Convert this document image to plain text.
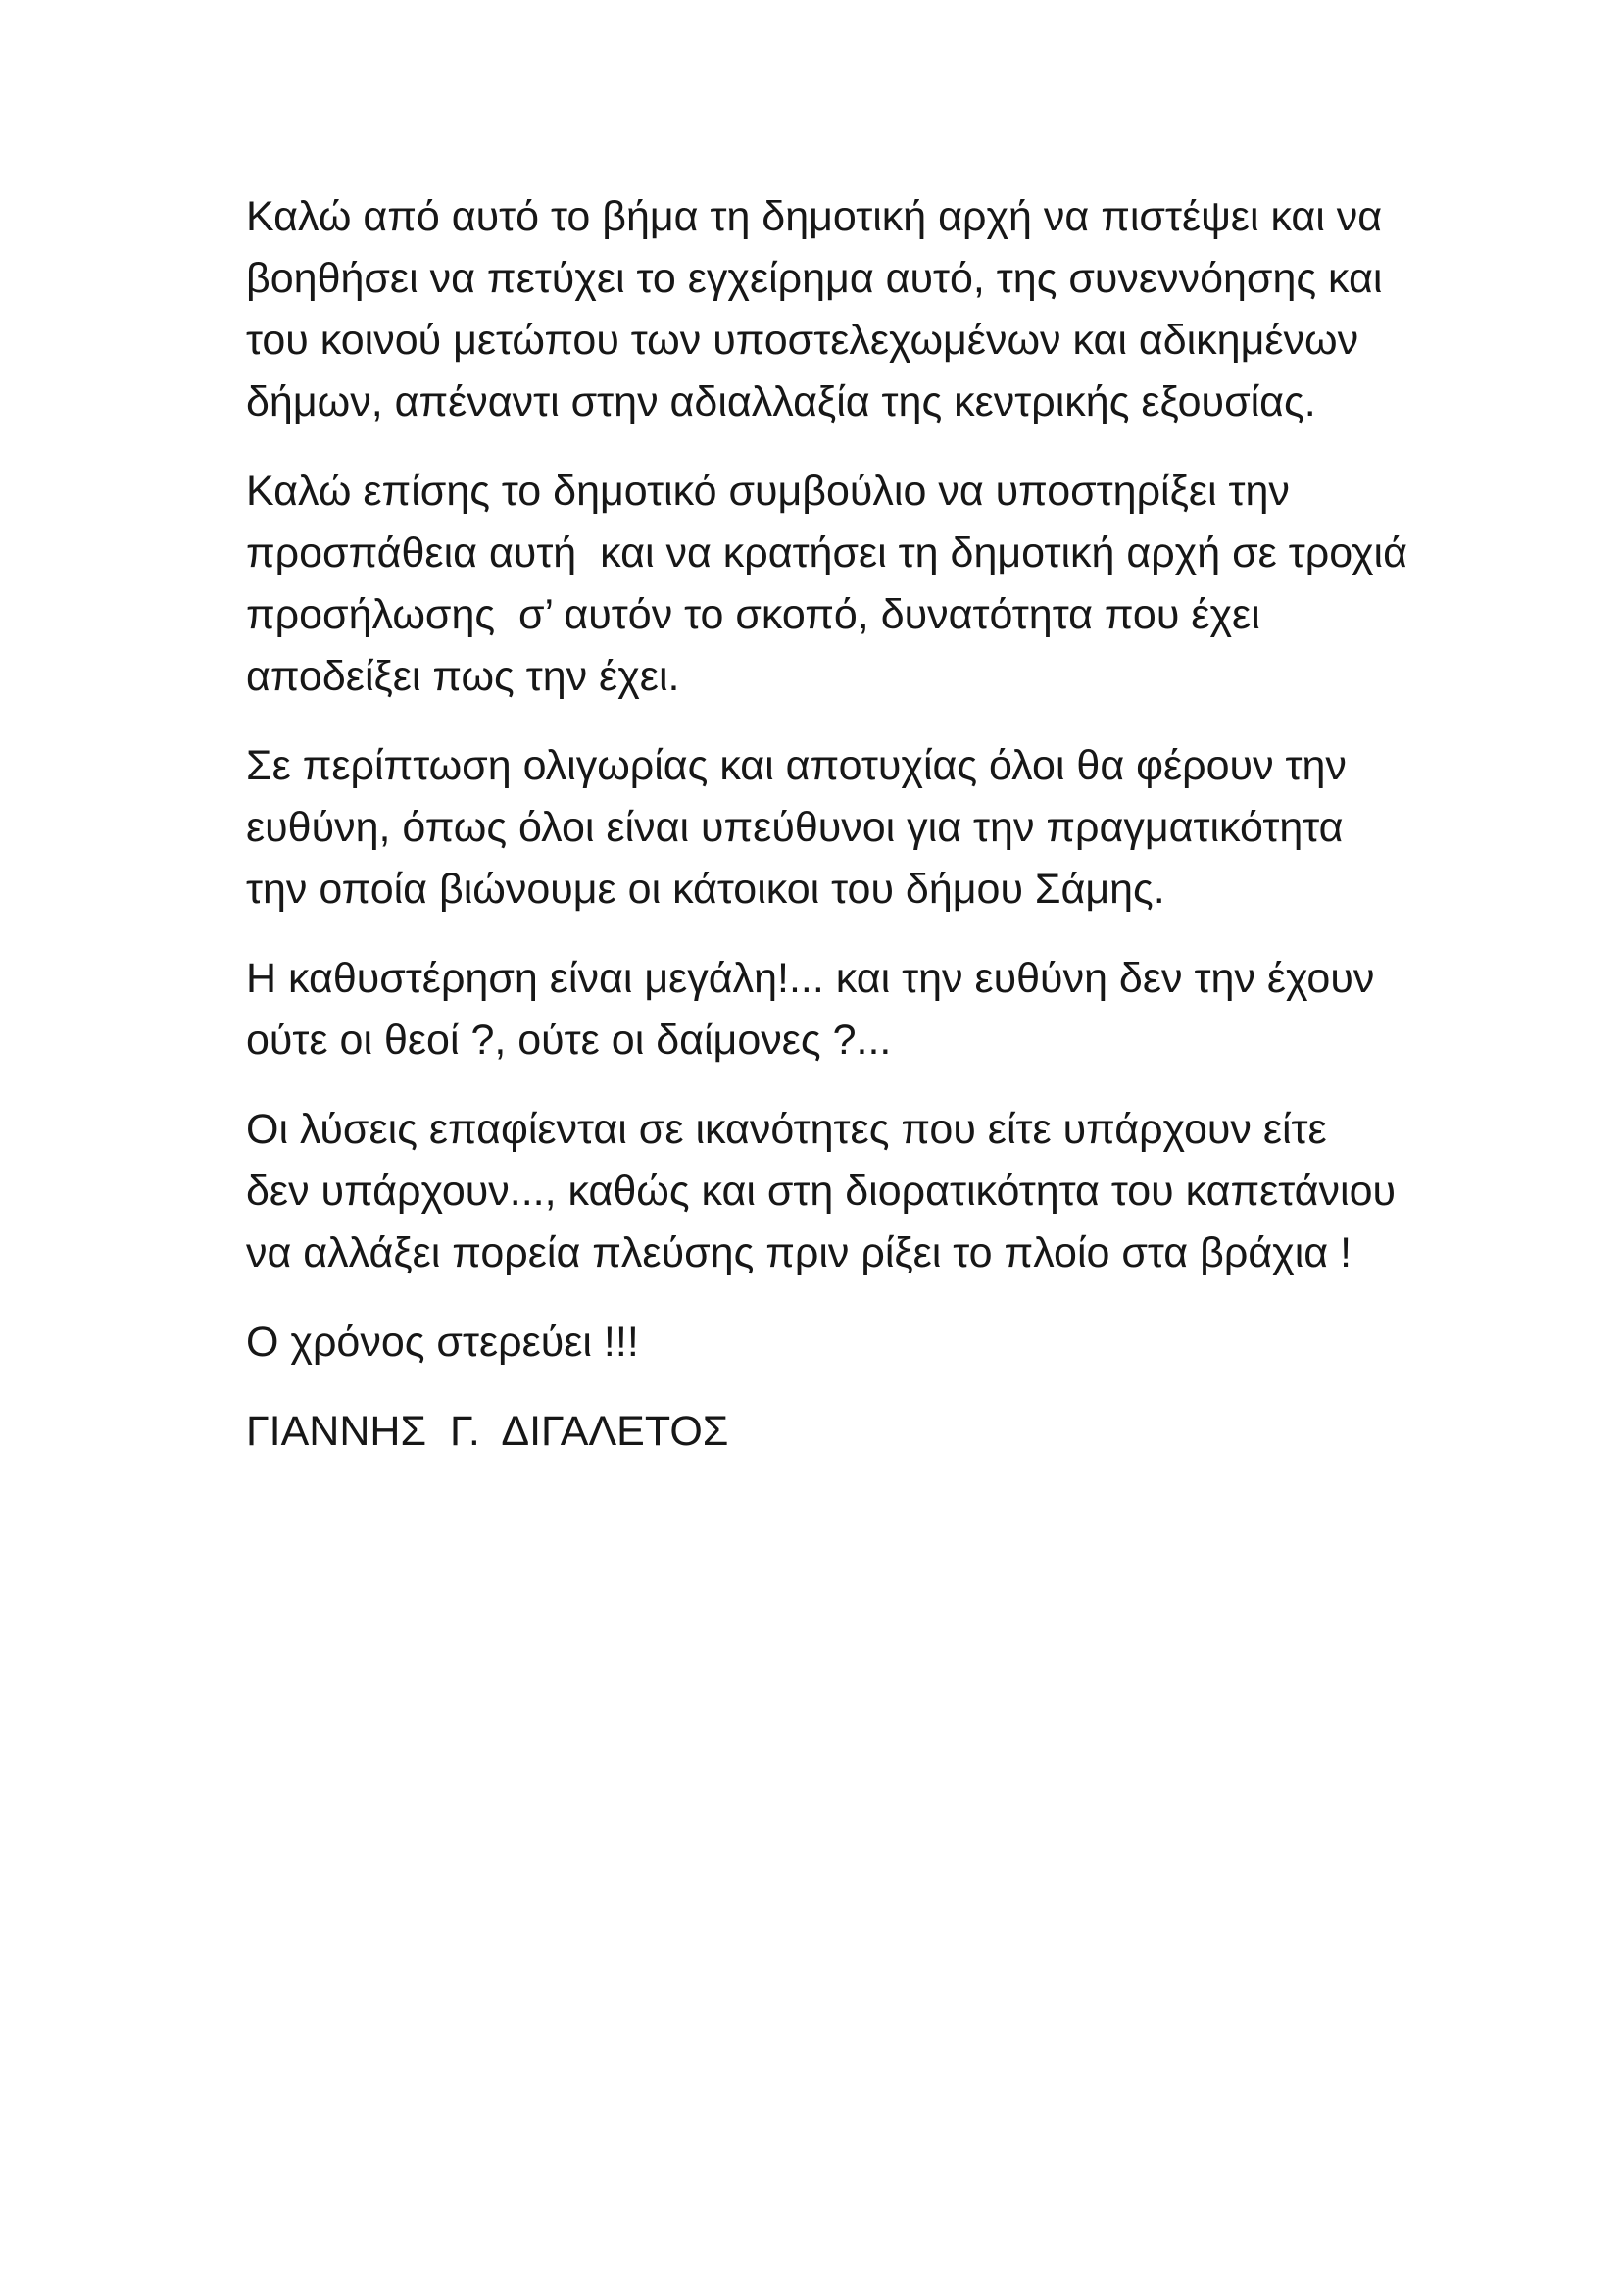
Καλώ από αυτό το βήμα τη δημοτική αρχή να πιστέψει και να
βοηθήσει να πετύχει το εγχείρημα αυτό, της συνεννόησης και
του κοινού μετώπου των υποστελεχωμένων και αδικημένων
δήμων, απέναντι στην αδιαλλαξία της κεντρικής εξουσίας.

Καλώ επίσης το δημοτικό συμβούλιο να υποστηρίξει την
προσπάθεια αυτή  και να κρατήσει τη δημοτική αρχή σε τροχιά
προσήλωσης  σ’ αυτόν το σκοπό, δυνατότητα που έχει
αποδείξει πως την έχει.

Σε περίπτωση ολιγωρίας και αποτυχίας όλοι θα φέρουν την
ευθύνη, όπως όλοι είναι υπεύθυνοι για την πραγματικότητα
την οποία βιώνουμε οι κάτοικοι του δήμου Σάμης.

Η καθυστέρηση είναι μεγάλη!... και την ευθύνη δεν την έχουν
ούτε οι θεοί ?, ούτε οι δαίμονες ?...

Οι λύσεις επαφίενται σε ικανότητες που είτε υπάρχουν είτε
δεν υπάρχουν..., καθώς και στη διορατικότητα του καπετάνιου
να αλλάξει πορεία πλεύσης πριν ρίξει το πλοίο στα βράχια !

Ο χρόνος στερεύει !!!

ΓΙΑΝΝΗΣ  Γ.  ΔΙΓΑΛΕΤΟΣ
